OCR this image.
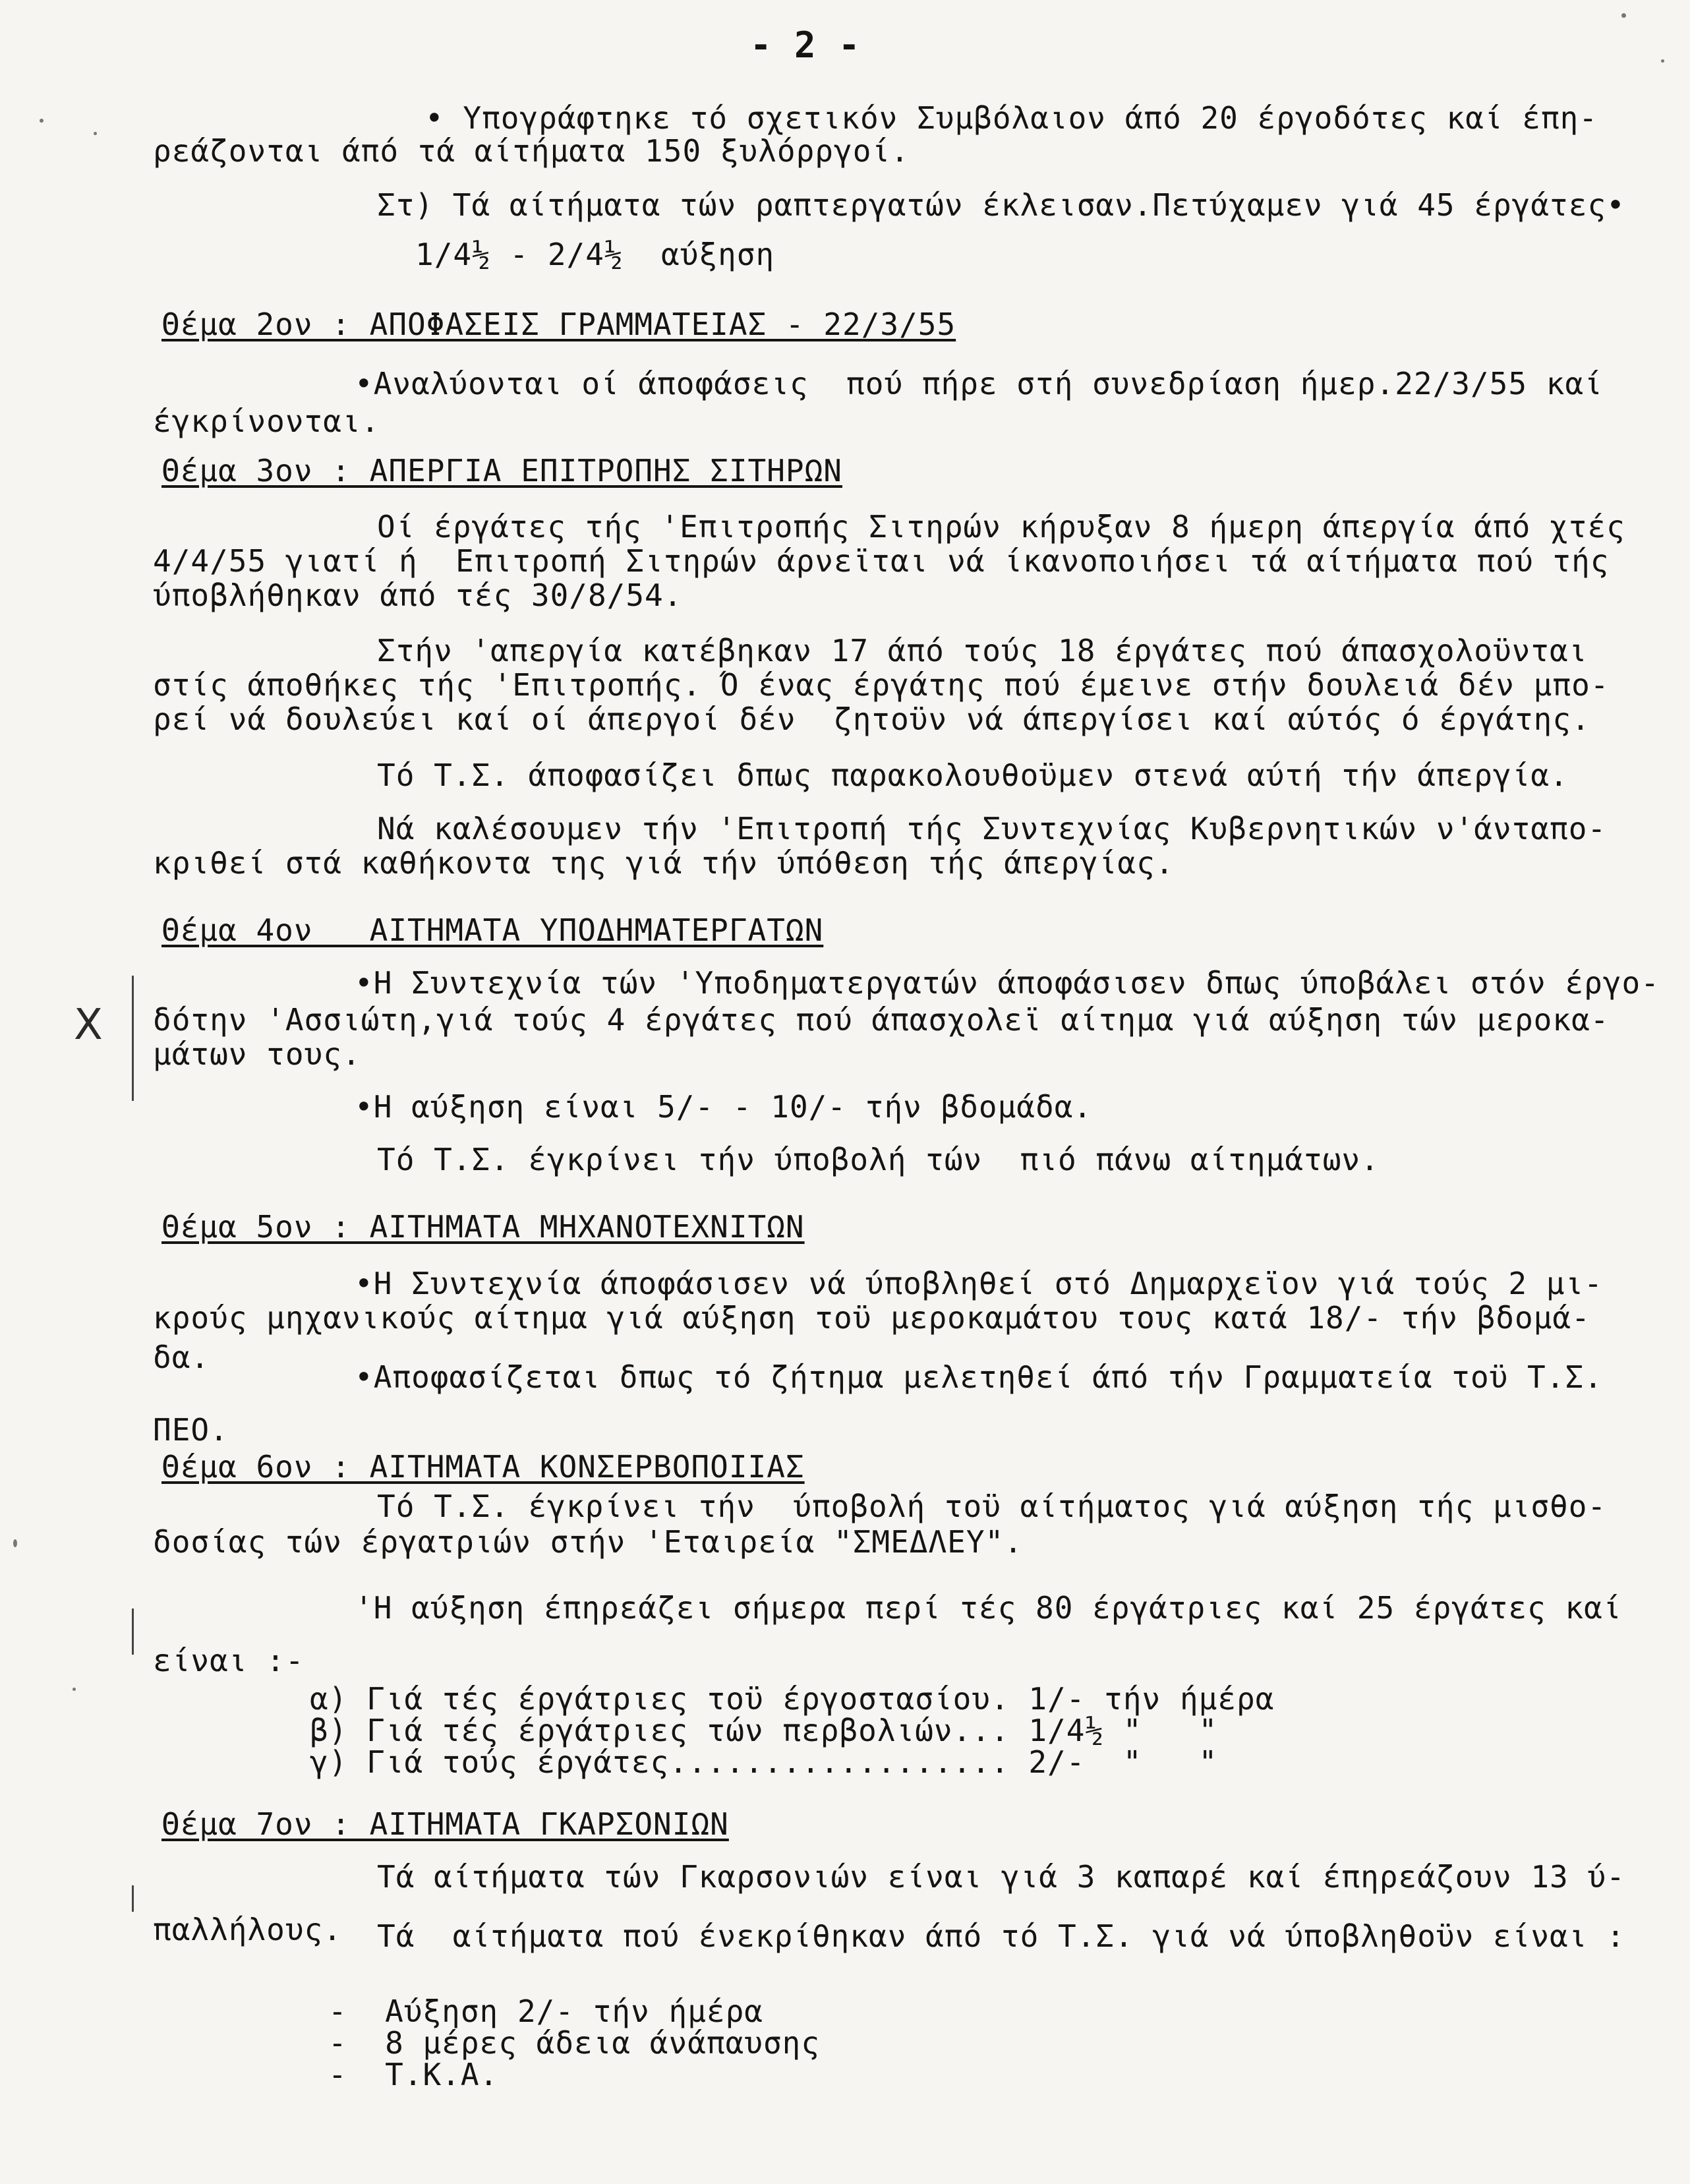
- 2 -
• Υπογράφτηκε τό σχετικόν Συμβόλαιον άπό 20 έργοδότες καί έπη-
ρεάζονται άπό τά αίτήματα 150 ξυλόρργοί.
Στ) Τά αίτήματα τών ραπτεργατών έκλεισαν.Πετύχαμεν γιά 45 έργάτες•
1/4½ - 2/4½  αύξηση
Θέμα 2ον : ΑΠΟΦΑΣΕΙΣ ΓΡΑΜΜΑΤΕΙΑΣ - 22/3/55
•Αναλύονται οί άποφάσεις  πού πήρε στή συνεδρίαση ήμερ.22/3/55 καί
έγκρίνονται.
Θέμα 3ον : ΑΠΕΡΓΙΑ ΕΠΙΤΡΟΠΗΣ ΣΙΤΗΡΩΝ
Οί έργάτες τής 'Επιτροπής Σιτηρών κήρυξαν 8 ήμερη άπεργία άπό χτές
4/4/55 γιατί ή  Επιτροπή Σιτηρών άρνεϊται νά ίκανοποιήσει τά αίτήματα πού τής
ύποβλήθηκαν άπό τές 30/8/54.
Στήν 'απεργία κατέβηκαν 17 άπό τούς 18 έργάτες πού άπασχολοϋνται
στίς άποθήκες τής 'Επιτροπής. Ό ένας έργάτης πού έμεινε στήν δουλειά δέν μπο-
ρεί νά δουλεύει καί οί άπεργοί δέν  ζητοϋν νά άπεργίσει καί αύτός ό έργάτης.
Τό Τ.Σ. άποφασίζει δπως παρακολουθοϋμεν στενά αύτή τήν άπεργία.
Νά καλέσουμεν τήν 'Επιτροπή τής Συντεχνίας Κυβερνητικών ν'άνταπο-
κριθεί στά καθήκοντα της γιά τήν ύπόθεση τής άπεργίας.
Θέμα 4ον   ΑΙΤΗΜΑΤΑ ΥΠΟΔΗΜΑΤΕΡΓΑΤΩΝ
•Η Συντεχνία τών 'Υποδηματεργατών άποφάσισεν δπως ύποβάλει στόν έργο-
δότην 'Ασσιώτη,γιά τούς 4 έργάτες πού άπασχολεϊ αίτημα γιά αύξηση τών μεροκα-
μάτων τους.
•Η αύξηση είναι 5/- - 10/- τήν βδομάδα.
Τό Τ.Σ. έγκρίνει τήν ύποβολή τών  πιό πάνω αίτημάτων.
Θέμα 5ον : ΑΙΤΗΜΑΤΑ ΜΗΧΑΝΟΤΕΧΝΙΤΩΝ
•Η Συντεχνία άποφάσισεν νά ύποβληθεί στό Δημαρχεϊον γιά τούς 2 μι-
κρούς μηχανικούς αίτημα γιά αύξηση τοϋ μεροκαμάτου τους κατά 18/- τήν βδομά-
δα.
•Αποφασίζεται δπως τό ζήτημα μελετηθεί άπό τήν Γραμματεία τοϋ Τ.Σ.
ΠΕΟ.
Θέμα 6ον : ΑΙΤΗΜΑΤΑ ΚΟΝΣΕΡΒΟΠΟΙΙΑΣ
Τό Τ.Σ. έγκρίνει τήν  ύποβολή τοϋ αίτήματος γιά αύξηση τής μισθο-
δοσίας τών έργατριών στήν 'Εταιρεία "ΣΜΕΔΛΕΥ".
'Η αύξηση έπηρεάζει σήμερα περί τές 80 έργάτριες καί 25 έργάτες καί
είναι :-
α) Γιά τές έργάτριες τοϋ έργοστασίου. 1/- τήν ήμέρα
β) Γιά τές έργάτριες τών περβολιών... 1/4½ "   "
γ) Γιά τούς έργάτες.................. 2/-  "   "
Θέμα 7ον : ΑΙΤΗΜΑΤΑ ΓΚΑΡΣΟΝΙΩΝ
Τά αίτήματα τών Γκαρσονιών είναι γιά 3 καπαρέ καί έπηρεάζουν 13 ύ-
παλλήλους. Τά  αίτήματα πού ένεκρίθηκαν άπό τό Τ.Σ. γιά νά ύποβληθοϋν είναι :
-  Αύξηση 2/- τήν ήμέρα
-  8 μέρες άδεια άνάπαυσης
-  Τ.Κ.Α.
X
